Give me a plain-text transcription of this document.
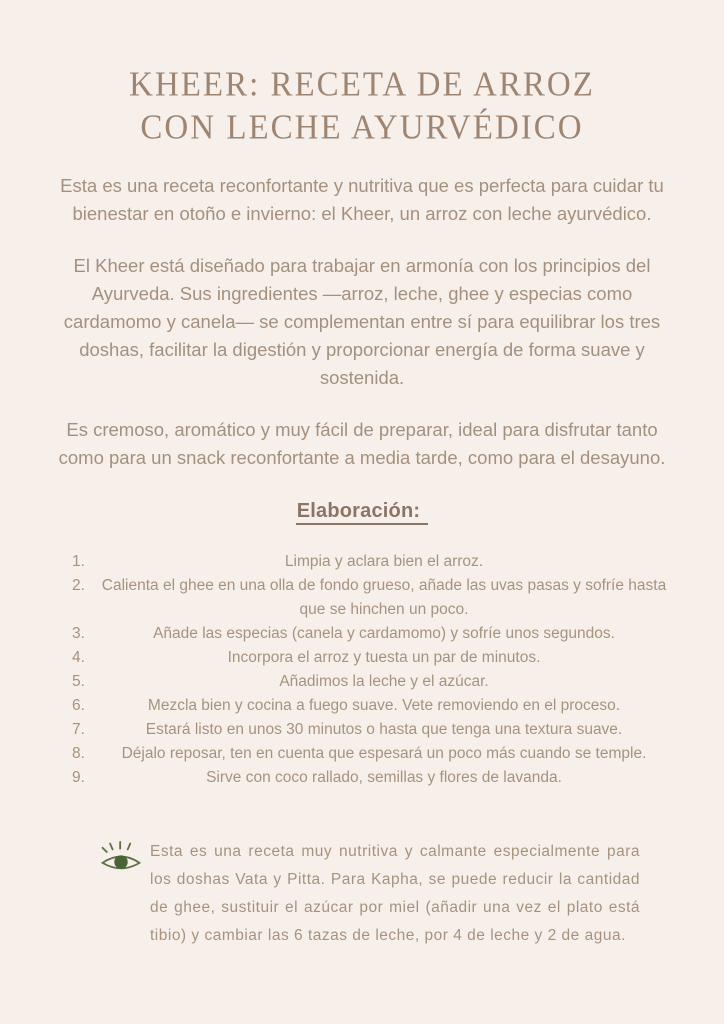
KHEER: RECETA DE ARROZ
CON LECHE AYURVÉDICO

Esta es una receta reconfortante y nutritiva que es perfecta para cuidar tu bienestar en otoño e invierno: el Kheer, un arroz con leche ayurvédico.

El Kheer está diseñado para trabajar en armonía con los principios del Ayurveda. Sus ingredientes —arroz, leche, ghee y especias como cardamomo y canela— se complementan entre sí para equilibrar los tres doshas, facilitar la digestión y proporcionar energía de forma suave y sostenida.

Es cremoso, aromático y muy fácil de preparar, ideal para disfrutar tanto como para un snack reconfortante a media tarde, como para el desayuno.

Elaboración:
1.	Limpia y aclara bien el arroz.
2.	Calienta el ghee en una olla de fondo grueso, añade las uvas pasas y sofríe hasta que se hinchen un poco.
3.	Añade las especias (canela y cardamomo) y sofríe unos segundos.
4.	Incorpora el arroz y tuesta un par de minutos.
5.	Añadimos la leche y el azúcar.
6.	Mezcla bien y cocina a fuego suave. Vete removiendo en el proceso.
7.	Estará listo en unos 30 minutos o hasta que tenga una textura suave.
8.	Déjalo reposar, ten en cuenta que espesará un poco más cuando se temple.
9.	Sirve con coco rallado, semillas y flores de lavanda.

Esta es una receta muy nutritiva y calmante especialmente para los doshas Vata y Pitta. Para Kapha, se puede reducir la cantidad de ghee, sustituir el azúcar por miel (añadir una vez el plato está tibio) y cambiar las 6 tazas de leche, por 4 de leche y 2 de agua.
